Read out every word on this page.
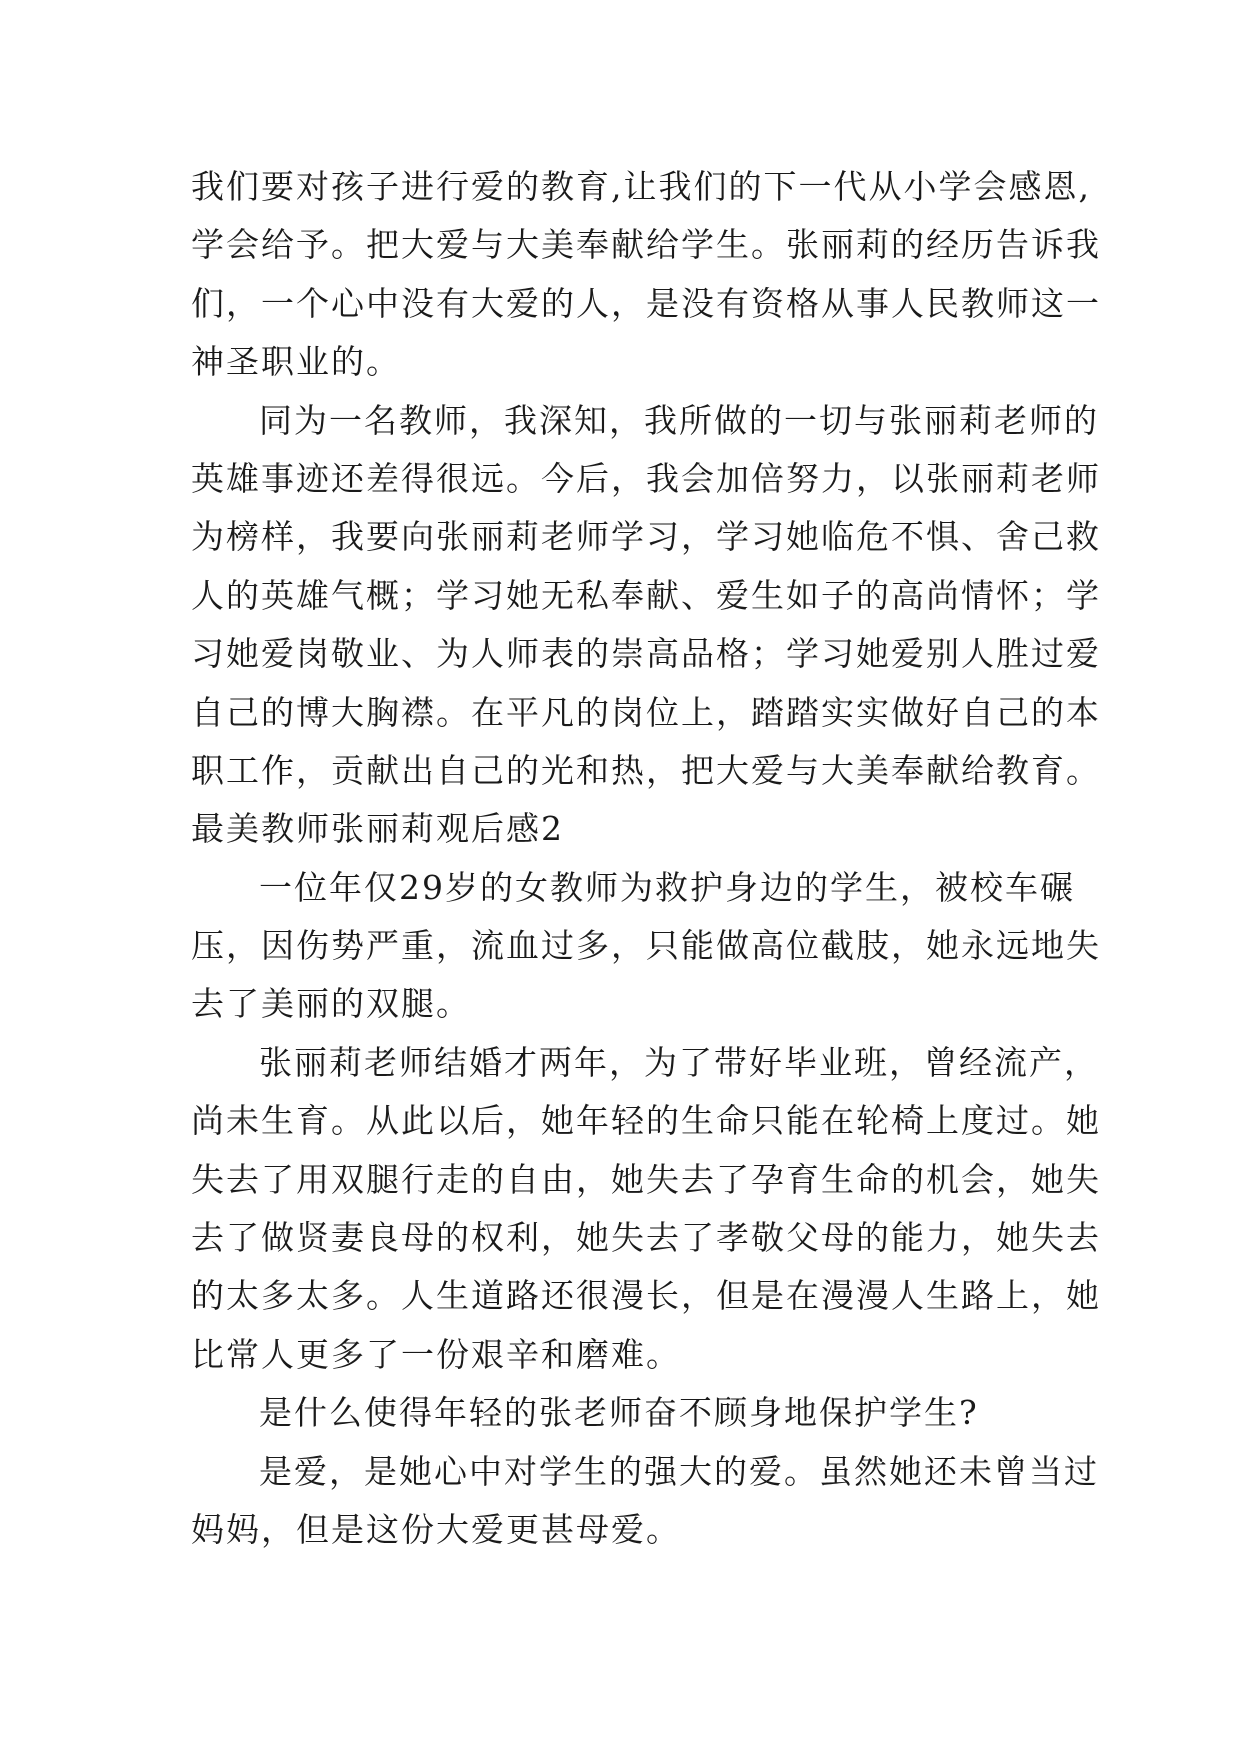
我们要对孩子进行爱的教育,让我们的下一代从小学会感恩,
学会给予。把大爱与大美奉献给学生。张丽莉的经历告诉我
们，一个心中没有大爱的人，是没有资格从事人民教师这一
神圣职业的。
同为一名教师，我深知，我所做的一切与张丽莉老师的
英雄事迹还差得很远。今后，我会加倍努力，以张丽莉老师
为榜样，我要向张丽莉老师学习，学习她临危不惧、舍己救
人的英雄气概；学习她无私奉献、爱生如子的高尚情怀；学
习她爱岗敬业、为人师表的崇高品格；学习她爱别人胜过爱
自己的博大胸襟。在平凡的岗位上，踏踏实实做好自己的本
职工作，贡献出自己的光和热，把大爱与大美奉献给教育。
最美教师张丽莉观后感2
一位年仅29岁的女教师为救护身边的学生，被校车碾
压，因伤势严重，流血过多，只能做高位截肢，她永远地失
去了美丽的双腿。
张丽莉老师结婚才两年，为了带好毕业班，曾经流产，
尚未生育。从此以后，她年轻的生命只能在轮椅上度过。她
失去了用双腿行走的自由，她失去了孕育生命的机会，她失
去了做贤妻良母的权利，她失去了孝敬父母的能力，她失去
的太多太多。人生道路还很漫长，但是在漫漫人生路上，她
比常人更多了一份艰辛和磨难。
是什么使得年轻的张老师奋不顾身地保护学生?
是爱，是她心中对学生的强大的爱。虽然她还未曾当过
妈妈，但是这份大爱更甚母爱。
